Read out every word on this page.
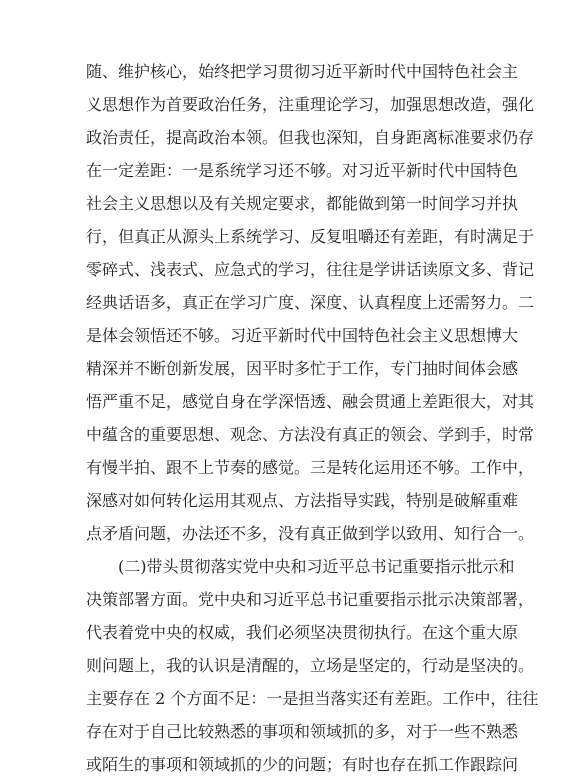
随、维护核心，始终把学习贯彻习近平新时代中国特色社会主
义思想作为首要政治任务，注重理论学习，加强思想改造，强化
政治责任，提高政治本领。但我也深知，自身距离标准要求仍存
在一定差距：一是系统学习还不够。对习近平新时代中国特色
社会主义思想以及有关规定要求，都能做到第一时间学习并执
行，但真正从源头上系统学习、反复咀嚼还有差距，有时满足于
零碎式、浅表式、应急式的学习，往往是学讲话读原文多、背记
经典话语多，真正在学习广度、深度、认真程度上还需努力。二
是体会领悟还不够。习近平新时代中国特色社会主义思想博大
精深并不断创新发展，因平时多忙于工作，专门抽时间体会感
悟严重不足，感觉自身在学深悟透、融会贯通上差距很大，对其
中蕴含的重要思想、观念、方法没有真正的领会、学到手，时常
有慢半拍、跟不上节奏的感觉。三是转化运用还不够。工作中，
深感对如何转化运用其观点、方法指导实践，特别是破解重难
点矛盾问题，办法还不多，没有真正做到学以致用、知行合一。
(二)带头贯彻落实党中央和习近平总书记重要指示批示和
决策部署方面。党中央和习近平总书记重要指示批示决策部署，
代表着党中央的权威，我们必须坚决贯彻执行。在这个重大原
则问题上，我的认识是清醒的，立场是坚定的，行动是坚决的。
主要存在 2 个方面不足：一是担当落实还有差距。工作中，往往
存在对于自己比较熟悉的事项和领域抓的多，对于一些不熟悉
或陌生的事项和领域抓的少的问题；有时也存在抓工作跟踪问
